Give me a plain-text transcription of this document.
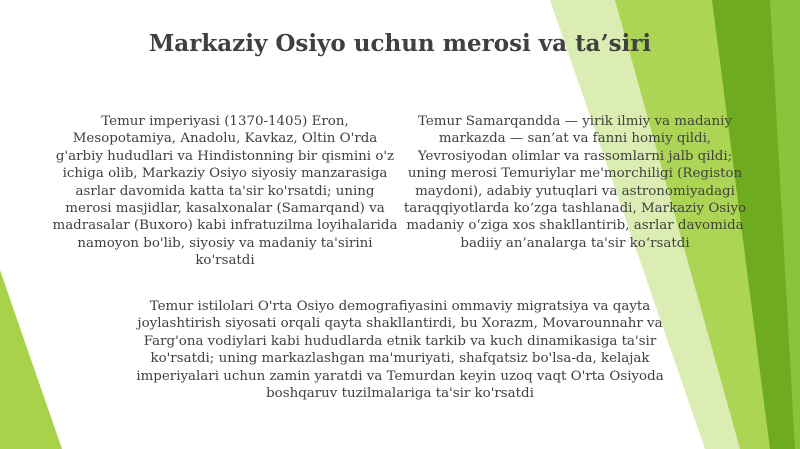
Markaziy Osiyo uchun merosi va ta’siri
Temur imperiyasi (1370-1405) Eron, Mesopotamiya, Anadolu, Kavkaz, Oltin O'rda g'arbiy hududlari va Hindistonning bir qismini o'z ichiga olib, Markaziy Osiyo siyosiy manzarasiga asrlar davomida katta ta'sir ko'rsatdi; uning merosi masjidlar, kasalxonalar (Samarqand) va madrasalar (Buxoro) kabi infratuzilma loyihalarida namoyon bo'lib, siyosiy va madaniy ta'sirini ko'rsatdi
Temur Samarqandda — yirik ilmiy va madaniy markazda — san’at va fanni homiy qildi, Yevrosiyodan olimlar va rassomlarni jalb qildi; uning merosi Temuriylar me'morchiligi (Registon maydoni), adabiy yutuqlari va astronomiyadagi taraqqiyotlarda ko‘zga tashlanadi, Markaziy Osiyo madaniy o‘ziga xos shakllantirib, asrlar davomida badiiy an’analarga ta'sir ko‘rsatdi
Temur istilolari O'rta Osiyo demografiyasini ommaviy migratsiya va qayta joylashtirish siyosati orqali qayta shakllantirdi, bu Xorazm, Movarounnahr va Farg'ona vodiylari kabi hududlarda etnik tarkib va kuch dinamikasiga ta'sir ko'rsatdi; uning markazlashgan ma'muriyati, shafqatsiz bo'lsa-da, kelajak imperiyalari uchun zamin yaratdi va Temurdan keyin uzoq vaqt O'rta Osiyoda boshqaruv tuzilmalariga ta'sir ko'rsatdi
